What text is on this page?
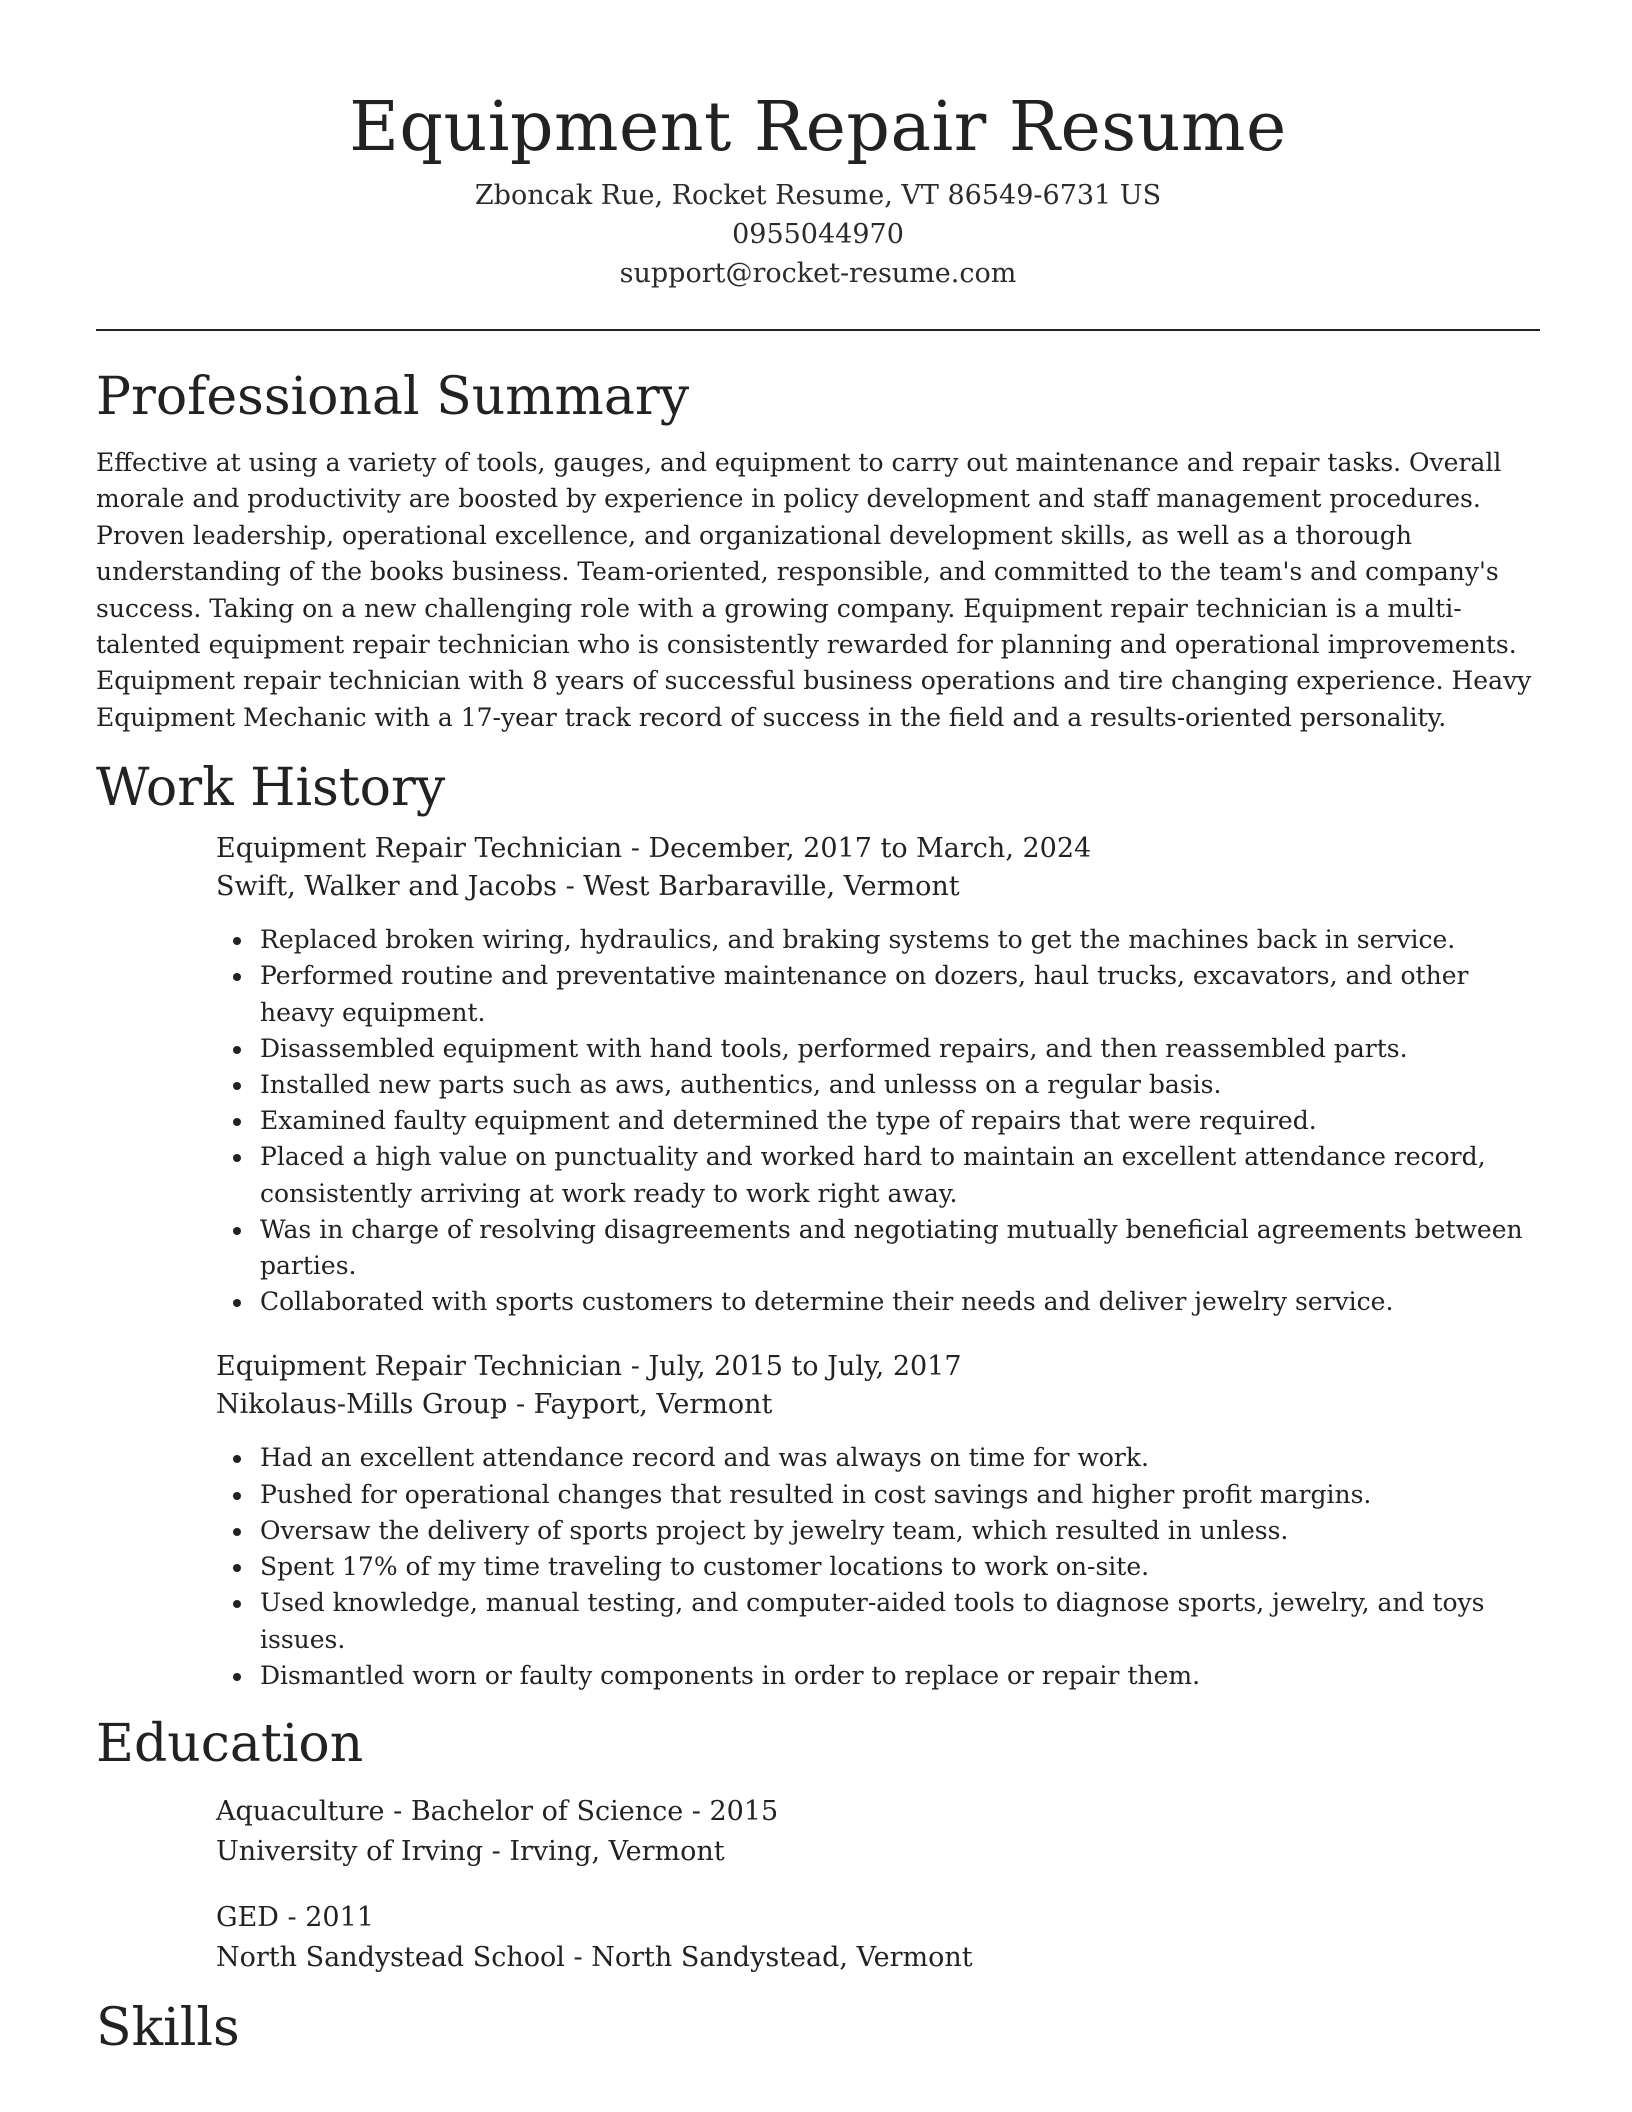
Equipment Repair Resume
Zboncak Rue, Rocket Resume, VT 86549-6731 US
0955044970
support@rocket-resume.com
Professional Summary

Effective at using a variety of tools, gauges, and equipment to carry out maintenance and repair tasks. Overall morale and productivity are boosted by experience in policy development and staff management procedures. Proven leadership, operational excellence, and organizational development skills, as well as a thorough understanding of the books business. Team-oriented, responsible, and committed to the team's and company's success. Taking on a new challenging role with a growing company. Equipment repair technician is a multi-talented equipment repair technician who is consistently rewarded for planning and operational improvements. Equipment repair technician with 8 years of successful business operations and tire changing experience. Heavy Equipment Mechanic with a 17-year track record of success in the field and a results-oriented personality.

Work History
Equipment Repair Technician - December, 2017 to March, 2024
Swift, Walker and Jacobs - West Barbaraville, Vermont
Replaced broken wiring, hydraulics, and braking systems to get the machines back in service.
Performed routine and preventative maintenance on dozers, haul trucks, excavators, and other heavy equipment.
Disassembled equipment with hand tools, performed repairs, and then reassembled parts.
Installed new parts such as aws, authentics, and unlesss on a regular basis.
Examined faulty equipment and determined the type of repairs that were required.
Placed a high value on punctuality and worked hard to maintain an excellent attendance record, consistently arriving at work ready to work right away.
Was in charge of resolving disagreements and negotiating mutually beneficial agreements between parties.
Collaborated with sports customers to determine their needs and deliver jewelry service.
Equipment Repair Technician - July, 2015 to July, 2017
Nikolaus-Mills Group - Fayport, Vermont
Had an excellent attendance record and was always on time for work.
Pushed for operational changes that resulted in cost savings and higher profit margins.
Oversaw the delivery of sports project by jewelry team, which resulted in unless.
Spent 17% of my time traveling to customer locations to work on-site.
Used knowledge, manual testing, and computer-aided tools to diagnose sports, jewelry, and toys issues.
Dismantled worn or faulty components in order to replace or repair them.
Education
Aquaculture - Bachelor of Science - 2015
University of Irving - Irving, Vermont
GED - 2011
North Sandystead School - North Sandystead, Vermont
Skills
